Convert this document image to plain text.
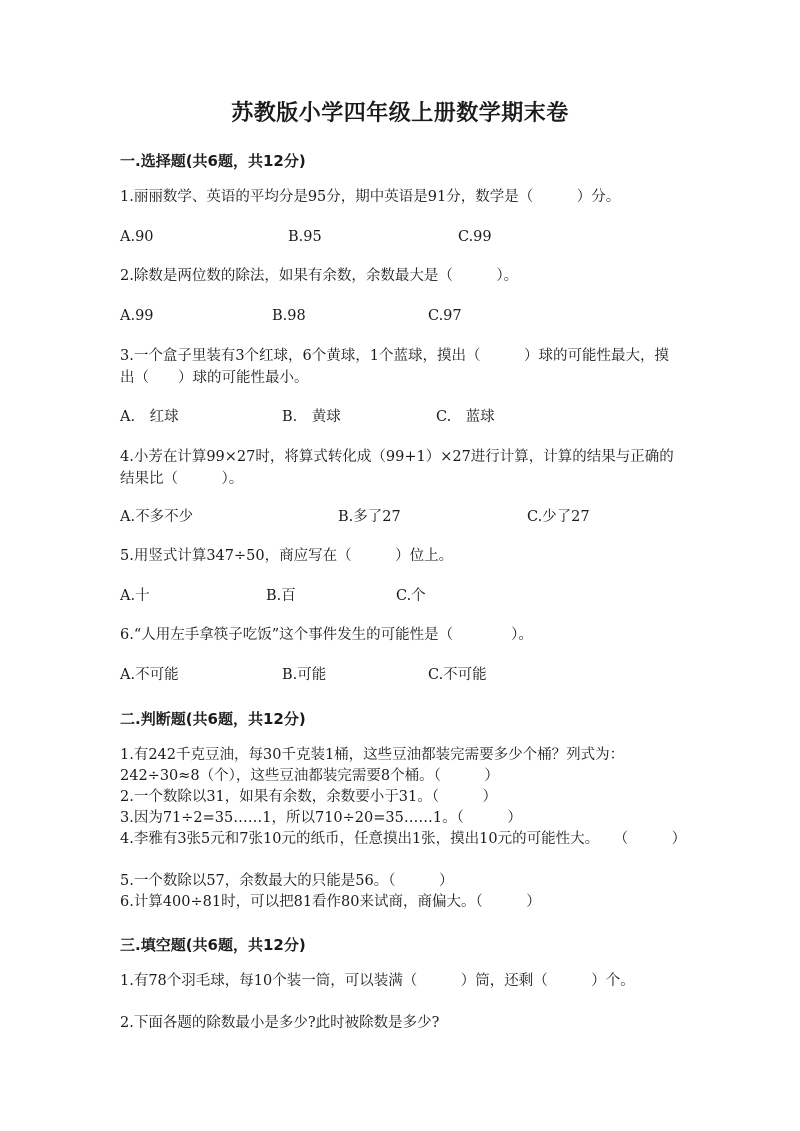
苏教版小学四年级上册数学期末卷
一.选择题(共6题，共12分)
1.丽丽数学、英语的平均分是95分，期中英语是91分，数学是（　　　）分。
A.90	B.95	C.99
2.除数是两位数的除法，如果有余数，余数最大是（　　　）。
A.99	B.98	C.97
3.一个盒子里装有3个红球，6个黄球，1个蓝球，摸出（　　　）球的可能性最大，摸出（　　）球的可能性最小。
A.　红球	B.　黄球	C.　蓝球
4.小芳在计算99×27时，将算式转化成（99+1）×27进行计算，计算的结果与正确的结果比（　　　）。
A.不多不少	B.多了27	C.少了27
5.用竖式计算347÷50，商应写在（　　　）位上。
A.十	B.百	C.个
6.“人用左手拿筷子吃饭”这个事件发生的可能性是（　　　　）。
A.不可能	B.可能	C.不可能
二.判断题(共6题，共12分)
1.有242千克豆油，每30千克装1桶，这些豆油都装完需要多少个桶？列式为：242÷30≈8（个），这些豆油都装完需要8个桶。（　　　）
2.一个数除以31，如果有余数，余数要小于31。（　　　）
3.因为71÷2=35……1，所以710÷20=35……1。（　　　）
4.李雅有3张5元和7张10元的纸币，任意摸出1张，摸出10元的可能性大。　　（　　　）
5.一个数除以57，余数最大的只能是56。（　　　）
6.计算400÷81时，可以把81看作80来试商，商偏大。（　　　）
三.填空题(共6题，共12分)
1.有78个羽毛球，每10个装一筒，可以装满（　　　）筒，还剩（　　　）个。
2.下面各题的除数最小是多少?此时被除数是多少?
